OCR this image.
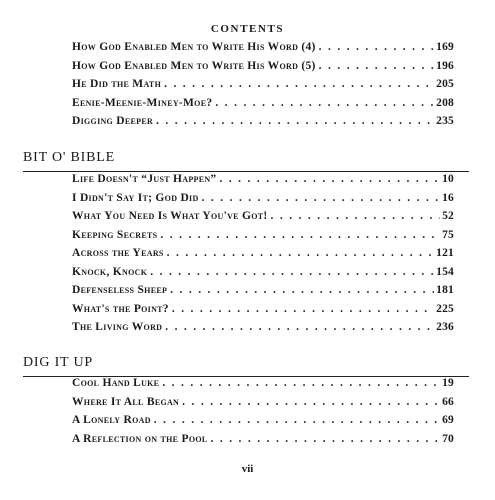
CONTENTS
How God Enabled Men to Write His Word (4) . . .	169
How God Enabled Men to Write His Word (5) . . .	196
He Did the Math . . .	205
Eenie-Meenie-Miney-Moe? . . .	208
Digging Deeper . . .	235
BIT O' BIBLE
Life Doesn't “Just Happen” . . .	10
I Didn't Say It; God Did . . .	16
What You Need Is What You've Got! . . .	52
Keeping Secrets . . .	75
Across the Years . . .	121
Knock, Knock . . .	154
Defenseless Sheep . . .	181
What's the Point? . . .	225
The Living Word . . .	236
DIG IT UP
Cool Hand Luke . . .	19
Where It All Began . . .	66
A Lonely Road . . .	69
A Reflection on the Pool . . .	70
vii
